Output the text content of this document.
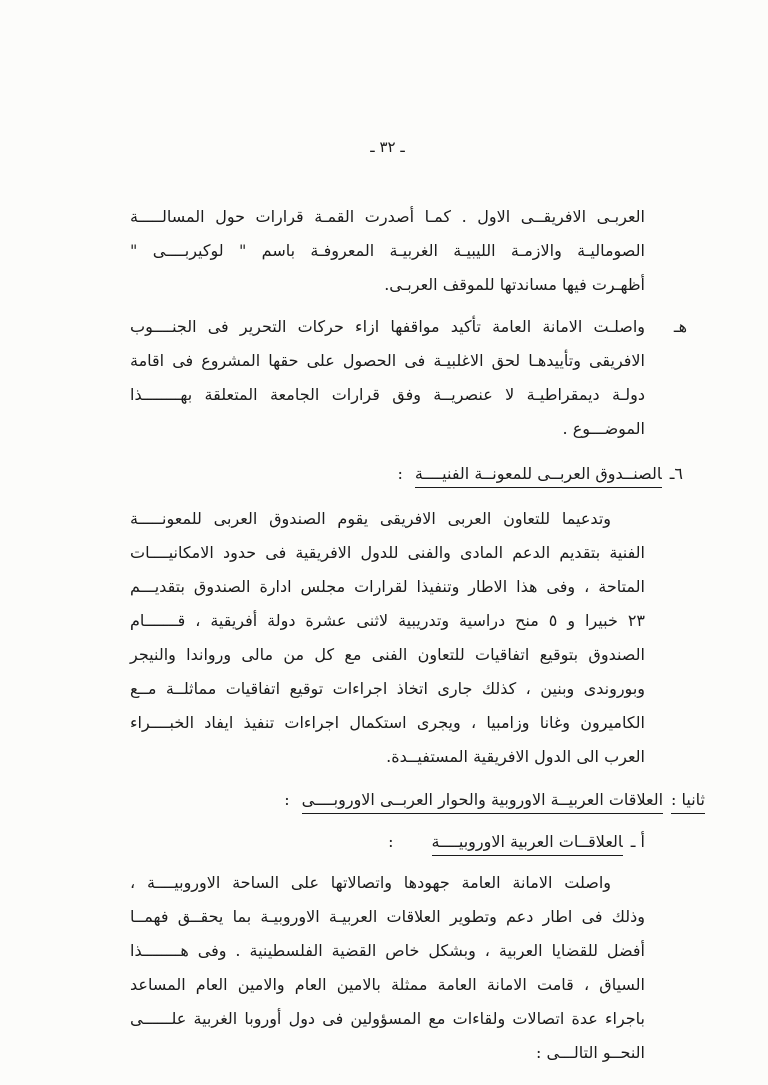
ـ ٣٢ ـ
العربـى الافريقــى الاول . كمـا أصدرت القمـة قرارات حول المسالـــــة
الصوماليـة والازمـة الليبيـة الغربيـة المعروفـة باسم " لوكيربــــى "
أظهـرت فيها مساندتها للموقف العربـى.
هـ
واصلـت الامانة العامة تأكيد مواقفها ازاء حركات التحرير فى الجنــــوب
الافريقى وتأييدهـا لحق الاغلبيـة فى الحصول على حقها المشروع فى اقامة
دولـة ديمقراطيـة لا عنصريــة وفق قرارات الجامعة المتعلقة بهــــــــذا
الموضـــوع .
٦ـالصنــدوق العربــى للمعونــة الفنيــــة:
وتدعيما للتعاون العربى الافريقى يقوم الصندوق العربى للمعونـــــة
الفنية بتقديم الدعم المادى والفنى للدول الافريقية فى حدود الامكانيــــات
المتاحة ، وفى هذا الاطار وتنفيذا لقرارات مجلس ادارة الصندوق بتقديـــم
٢٣ خبيرا و ٥ منح دراسية وتدريبية لاثنى عشرة دولة أفريقية ، قـــــــام
الصندوق بتوقيع اتفاقيات للتعاون الفنى مع كل من مالى ورواندا والنيجر
وبوروندى وبنين ، كذلك جارى اتخاذ اجراءات توقيع اتفاقيات مماثلــة مــع
الكاميرون وغانا وزامبيا ، ويجرى استكمال اجراءات تنفيذ ايفاد الخبــــراء
العرب الى الدول الافريقية المستفيــدة.
ثانيا :العلاقات العربيــة الاوروبية والحوار العربــى الاوروبــــى:
أ ـالعلاقــات العربية الاوروبيــــة:
واصلت الامانة العامة جهودها واتصالاتها على الساحة الاوروبيــــة ،
وذلك فى اطار دعم وتطوير العلاقات العربيـة الاوروبيـة بما يحقــق فهمــا
أفضل للقضايا العربية ، وبشكل خاص القضية الفلسطينية . وفى هــــــــذا
السياق ، قامت الامانة العامة ممثلة بالامين العام والامين العام المساعد
باجراء عدة اتصالات ولقاءات مع المسؤولين فى دول أوروبا الغربية علــــــى
النحــو التالـــى :
